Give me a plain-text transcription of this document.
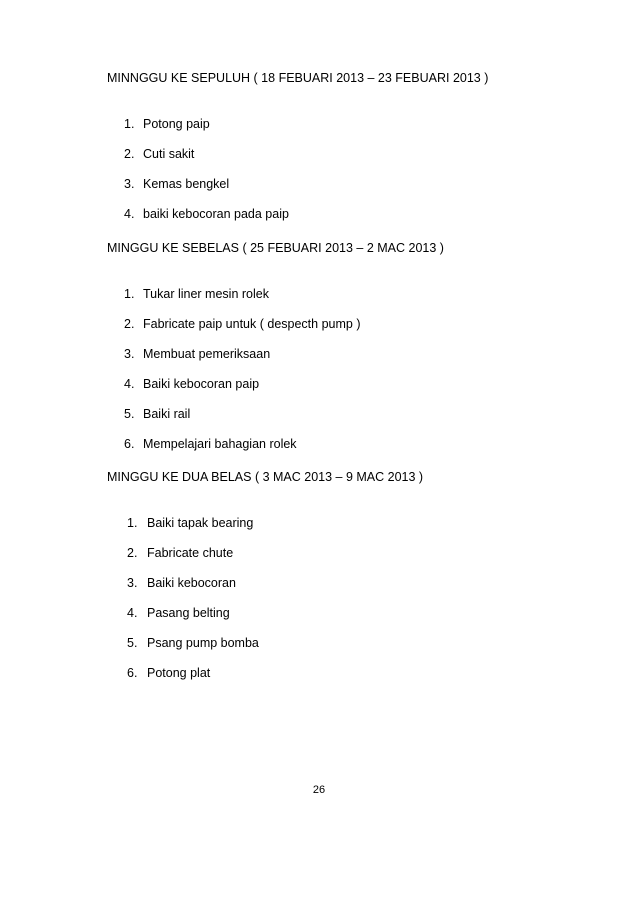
MINNGGU KE SEPULUH ( 18 FEBUARI 2013 – 23 FEBUARI 2013 )
1. Potong paip
2. Cuti sakit
3. Kemas bengkel
4. baiki kebocoran pada paip
MINGGU KE SEBELAS ( 25 FEBUARI 2013 – 2 MAC 2013 )
1. Tukar liner mesin rolek
2. Fabricate paip untuk ( despecth pump )
3. Membuat pemeriksaan
4. Baiki kebocoran paip
5. Baiki rail
6. Mempelajari bahagian rolek
MINGGU KE DUA BELAS ( 3 MAC 2013 – 9 MAC 2013 )
1. Baiki tapak bearing
2. Fabricate chute
3. Baiki kebocoran
4. Pasang belting
5. Psang pump bomba
6. Potong plat
26
